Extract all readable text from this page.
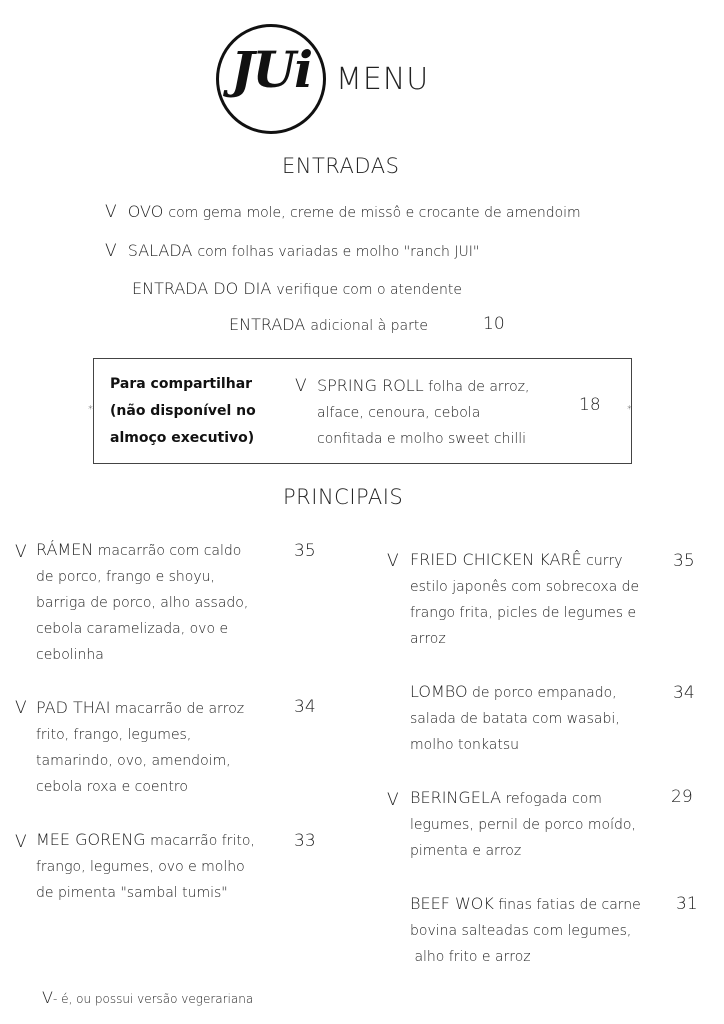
JUi MENU
ENTRADAS
V OVO com gema mole, creme de missô e crocante de amendoim
V SALADA com folhas variadas e molho "ranch JUI"
ENTRADA DO DIA verifique com o atendente
ENTRADA adicional à parte	10
*	*
Para compartilhar
(não disponível no
almoço executivo)
V SPRING ROLL folha de arroz,
alface, cenoura, cebola
confitada e molho sweet chilli
18
PRINCIPAIS
V RÁMEN macarrão com caldo
de porco, frango e shoyu,
barriga de porco, alho assado,
cebola caramelizada, ovo e
cebolinha
35
V PAD THAI macarrão de arroz
frito, frango, legumes,
tamarindo, ovo, amendoim,
cebola roxa e coentro
34
V MEE GORENG macarrão frito,
frango, legumes, ovo e molho
de pimenta "sambal tumis"
33
V FRIED CHICKEN KARÊ curry
estilo japonês com sobrecoxa de
frango frita, picles de legumes e
arroz
35
LOMBO de porco empanado,
salada de batata com wasabi,
molho tonkatsu
34
V BERINGELA refogada com
legumes, pernil de porco moído,
pimenta e arroz
29
BEEF WOK finas fatias de carne
bovina salteadas com legumes,
alho frito e arroz
31
V- é, ou possui versão vegerariana
